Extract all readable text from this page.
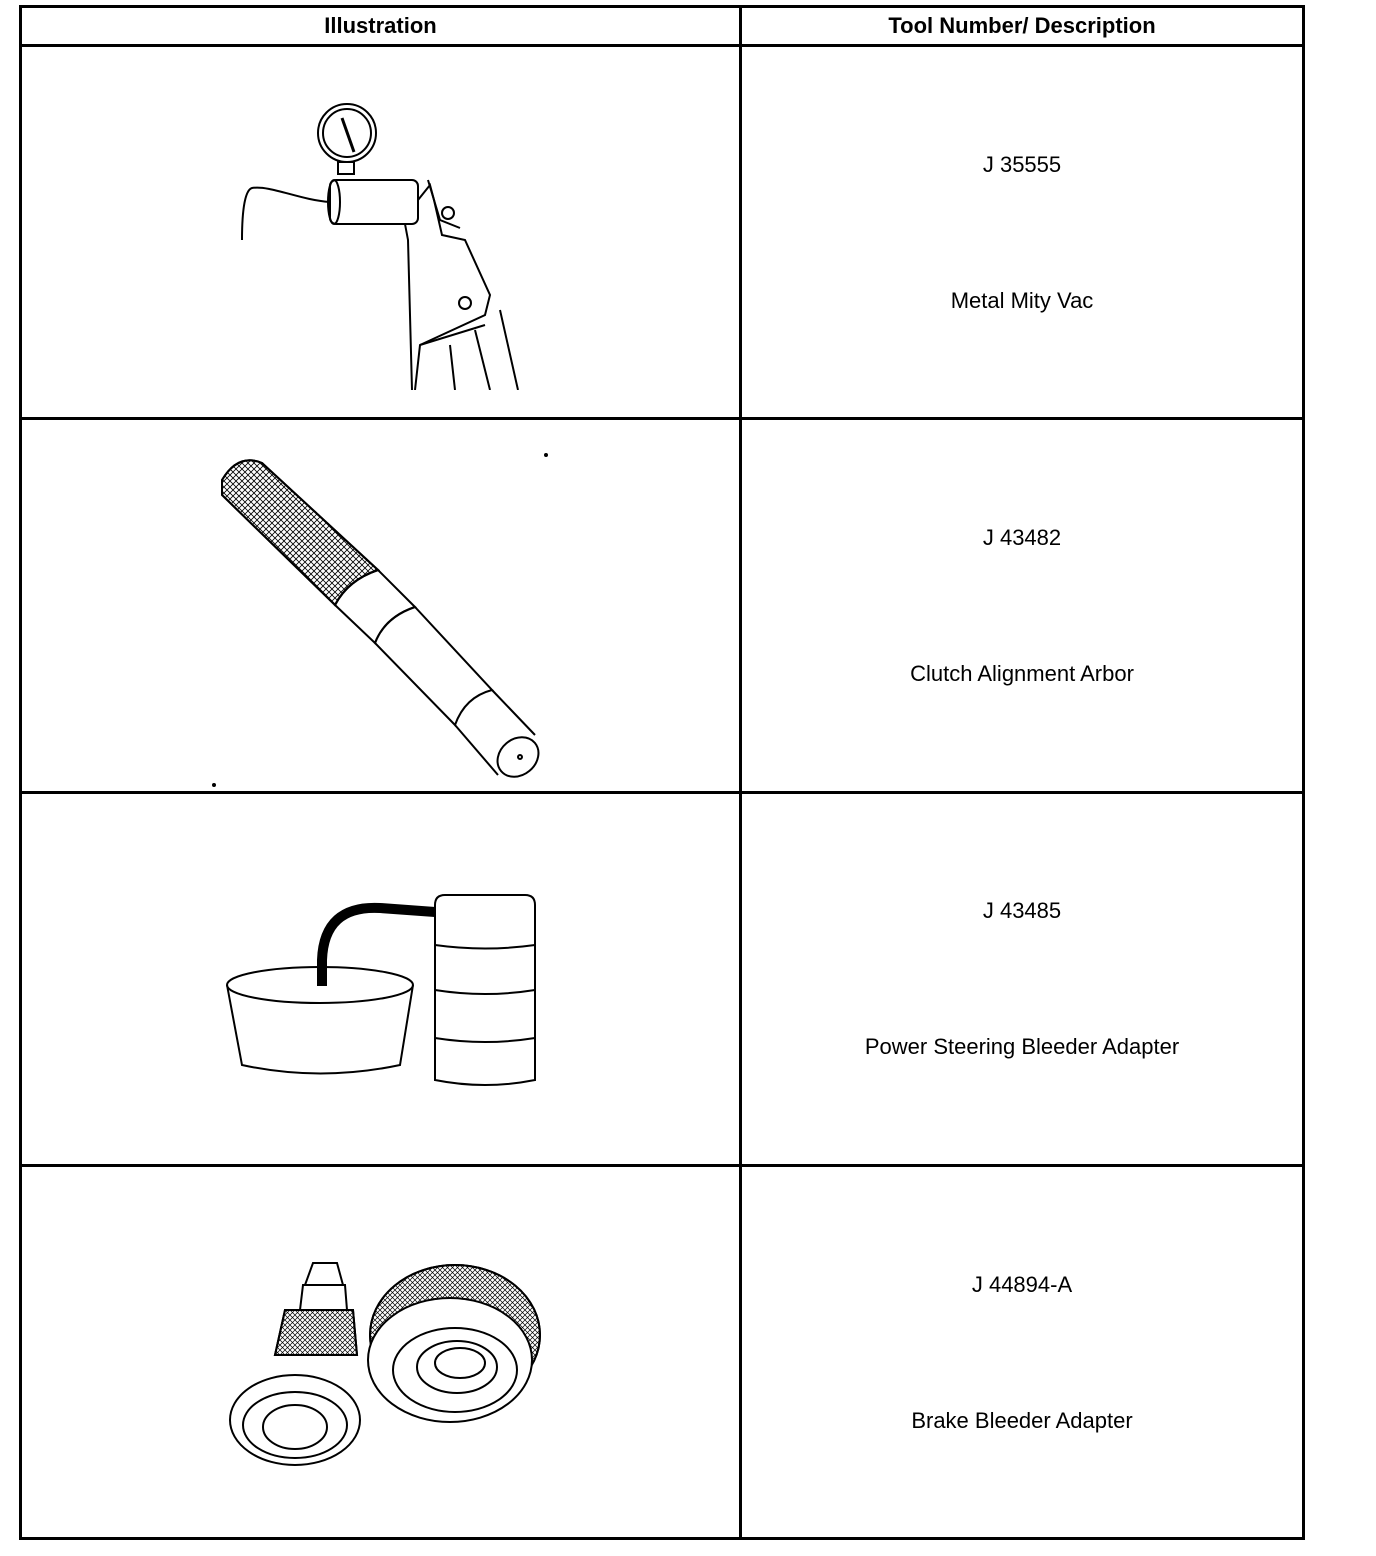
Illustration	Tool Number/ Description
J 35555
Metal Mity Vac
J 43482
Clutch Alignment Arbor
J 43485
Power Steering Bleeder Adapter
J 44894-A
Brake Bleeder Adapter
